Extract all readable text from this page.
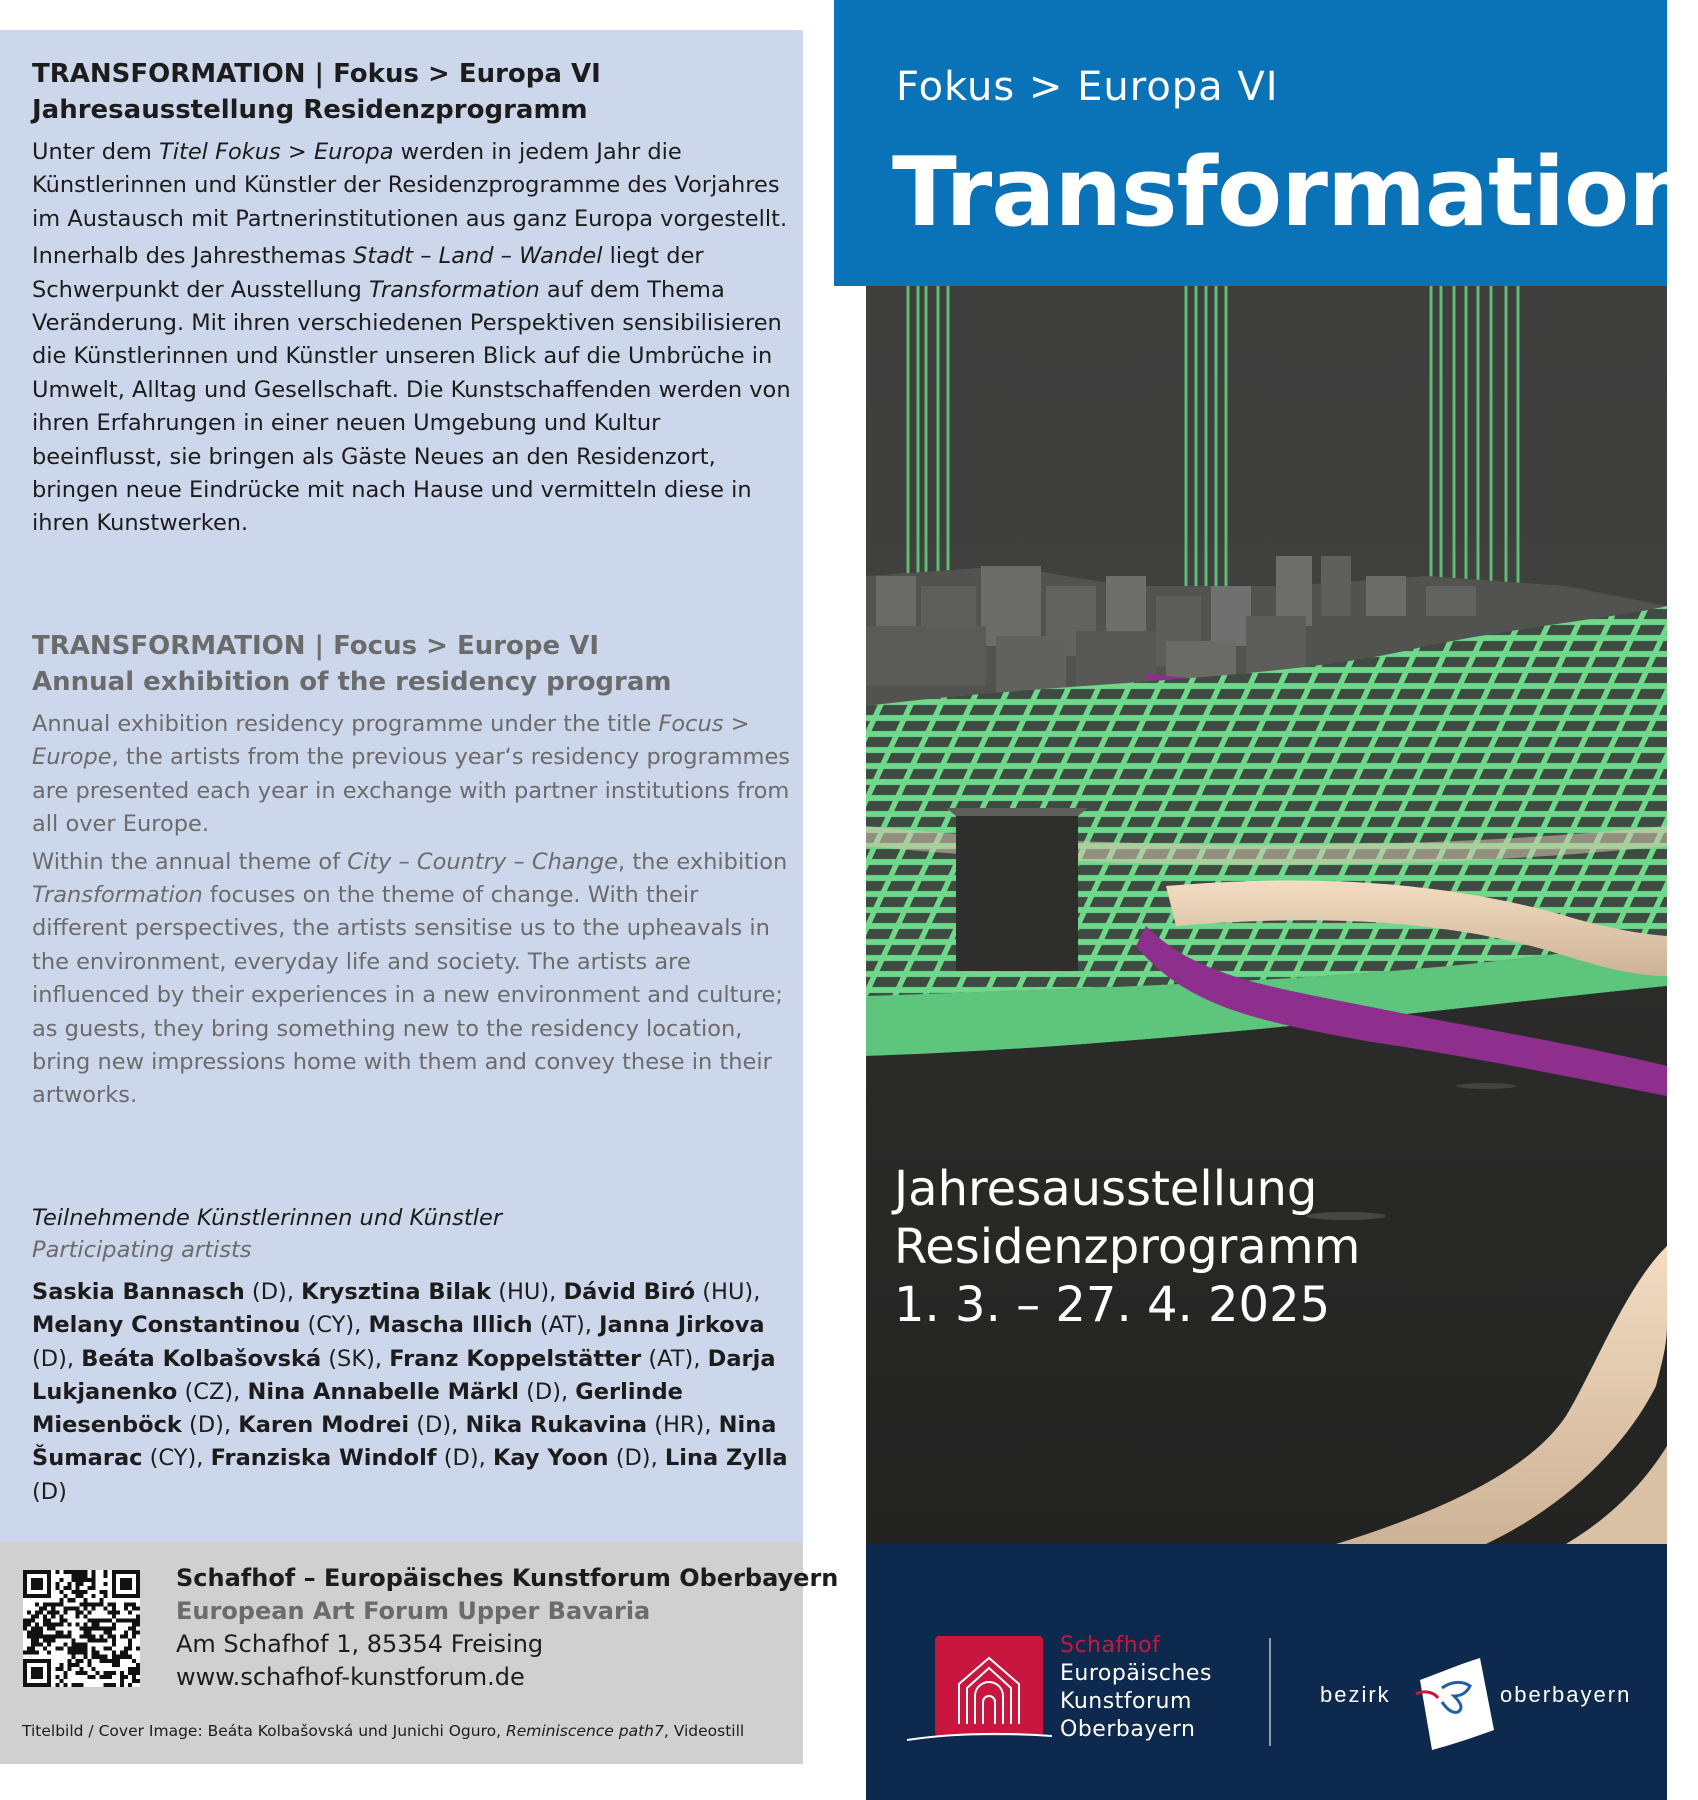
TRANSFORMATION | Fokus > Europa VI
Jahresausstellung Residenzprogramm

Unter dem Titel Fokus > Europa werden in jedem Jahr die Künstlerinnen und Künstler der Residenzprogramme des Vorjahres im Austausch mit Partnerinstitutionen aus ganz Europa vorgestellt.

Innerhalb des Jahresthemas Stadt – Land – Wandel liegt der Schwerpunkt der Ausstellung Transformation auf dem Thema Veränderung. Mit ihren verschiedenen Perspektiven sensibilisieren die Künstlerinnen und Künstler unseren Blick auf die Umbrüche in Umwelt, Alltag und Gesellschaft. Die Kunstschaffenden werden von ihren Erfahrungen in einer neuen Umgebung und Kultur beeinflusst, sie bringen als Gäste Neues an den Residenzort, bringen neue Eindrücke mit nach Hause und vermitteln diese in ihren Kunstwerken.

TRANSFORMATION | Focus > Europe VI
Annual exhibition of the residency program

Annual exhibition residency programme under the title Focus > Europe, the artists from the previous year‘s residency programmes are presented each year in exchange with partner institutions from all over Europe.

Within the annual theme of City – Country – Change, the exhibition Transformation focuses on the theme of change. With their different perspectives, the artists sensitise us to the upheavals in the environment, everyday life and society. The artists are influenced by their experiences in a new environment and culture; as guests, they bring something new to the residency location, bring new impressions home with them and convey these in their artworks.

Teilnehmende Künstlerinnen und Künstler
Participating artists
Saskia Bannasch (D), Krysztina Bilak (HU), Dávid Biró (HU), Melany Constantinou (CY), Mascha Illich (AT), Janna Jirkova (D), Beáta Kolbašovská (SK), Franz Koppelstätter (AT), Darja Lukjanenko (CZ), Nina Annabelle Märkl (D), Gerlinde Miesenböck (D), Karen Modrei (D), Nika Rukavina (HR), Nina Šumarac (CY), Franziska Windolf (D), Kay Yoon (D), Lina Zylla (D)
Schafhof – Europäisches Kunstforum Oberbayern
European Art Forum Upper Bavaria
Am Schafhof 1, 85354 Freising
www.schafhof-kunstforum.de
Titelbild / Cover Image: Beáta Kolbašovská und Junichi Oguro, Reminiscence path7, Videostill
Fokus > Europa VI
Transformation
Jahresausstellung
Residenzprogramm
1. 3. – 27. 4. 2025
Schafhof
Europäisches
Kunstforum
Oberbayern
bezirk	oberbayern
